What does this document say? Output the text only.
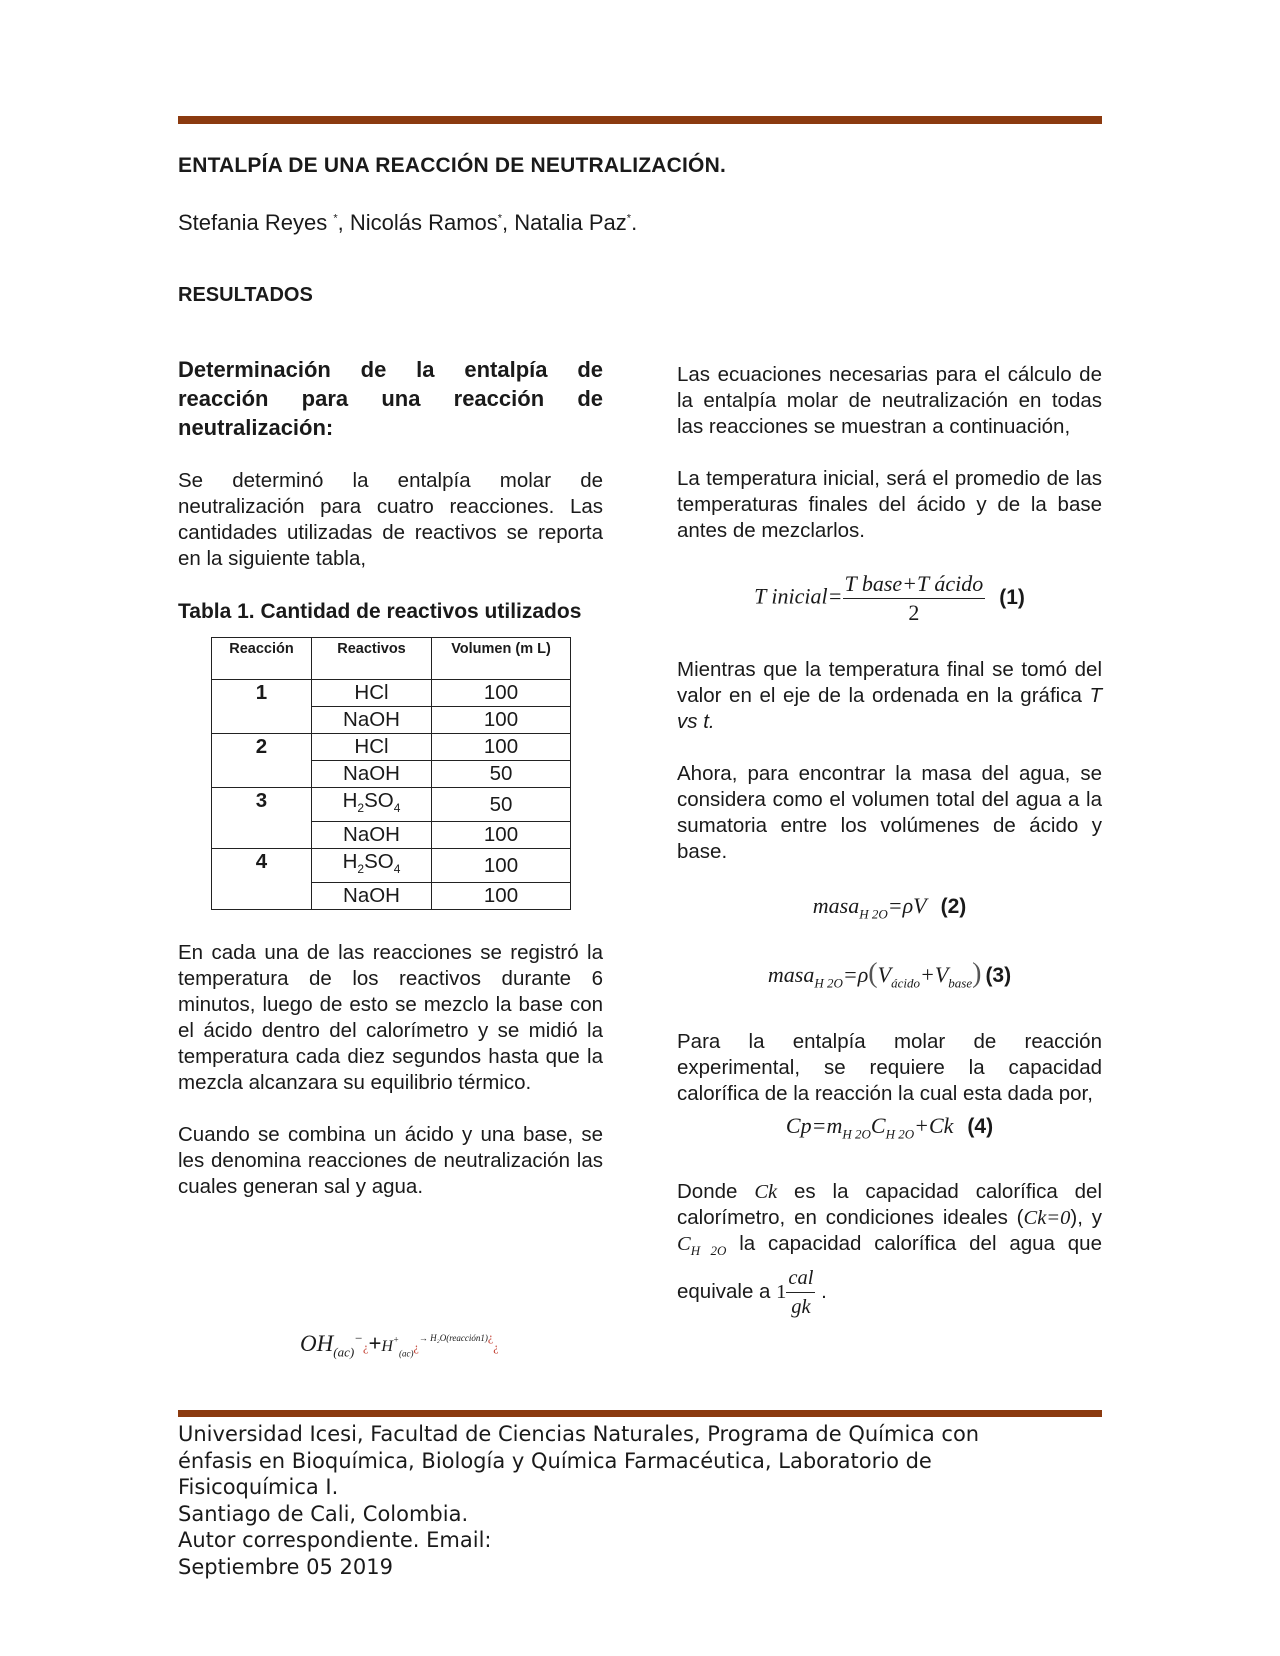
ENTALPÍA DE UNA REACCIÓN DE NEUTRALIZACIÓN.
Stefania Reyes *, Nicolás Ramos*, Natalia Paz*.
RESULTADOS
Determinación de la entalpía de reacción para una reacción de neutralización:

Se determinó la entalpía molar de neutralización para cuatro reacciones. Las cantidades utilizadas de reactivos se reporta en la siguiente tabla,

Tabla 1. Cantidad de reactivos utilizados
Reacción	Reactivos	Volumen (m L)
1	HCl	100
	NaOH	100
2	HCl	100
	NaOH	50
3	$H_2SO_4$	50
	NaOH	100
4	$H_2SO_4$	100
	NaOH	100

En cada una de las reacciones se registró la temperatura de los reactivos durante 6 minutos, luego de esto se mezclo la base con el ácido dentro del calorímetro y se midió la temperatura cada diez segundos hasta que la mezcla alcanzara su equilibrio térmico.

Cuando se combina un ácido y una base, se les denomina reacciones de neutralización las cuales generan sal y agua.

$OH_{(ac)}^-¿+H^+_{(ac)}¿^{\to H_2O(reacción1)¿}¿$

Las ecuaciones necesarias para el cálculo de la entalpía molar de neutralización en todas las reacciones se muestran a continuación,

La temperatura inicial, será el promedio de las temperaturas finales del ácido y de la base antes de mezclarlos.

T inicial= $\frac{\text{T base+T ácido}}{2} (1)$

Mientras que la temperatura final se tomó del valor en el eje de la ordenada en la gráfica T vs t.

Ahora, para encontrar la masa del agua, se considera como el volumen total del agua a la sumatoria entre los volúmenes de ácido y base.

masa$_{H 2O}$=ρV (2)
$masa_{H 2O}=\rho(V_{ácido}+V_{base})$ (3)

Para la entalpía molar de reacción experimental, se requiere la capacidad calorífica de la reacción la cual esta dada por,

$Cp=m_{H 2O}C_{H 2O}+Ck$ (4)

Donde Ck es la capacidad calorífica del calorímetro, en condiciones ideales (Ck=0), y $C_{H 2O}$ la capacidad calorífica del agua que equivale a $1 \frac{\text{cal}}{gk}$ .

Universidad Icesi, Facultad de Ciencias Naturales, Programa de Química con
énfasis en Bioquímica, Biología y Química Farmacéutica, Laboratorio de
Fisicoquímica I.
Santiago de Cali, Colombia.
Autor correspondiente. Email:
Septiembre 05 2019
